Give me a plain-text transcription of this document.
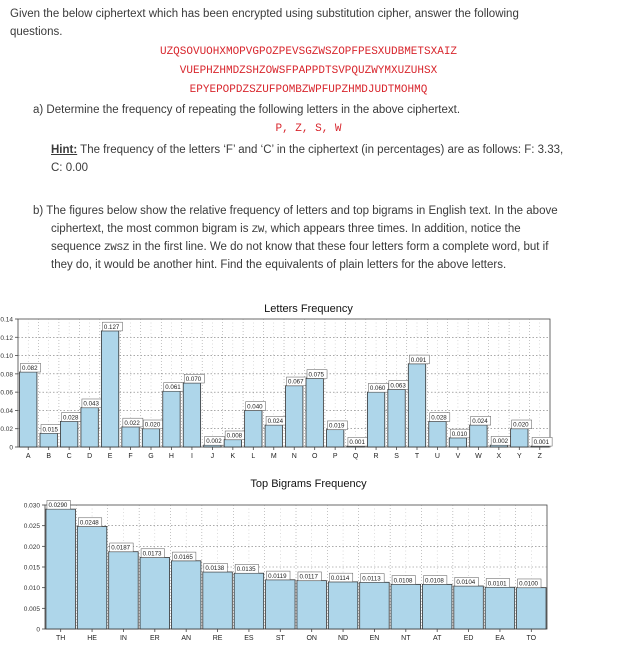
Given the below ciphertext which has been encrypted using substitution cipher, answer the following

questions.

UZQSOVUOHXMOPVGPOZPEVSGZWSZOPFPESXUDBMETSXAIZ
VUEPHZHMDZSHZOWSFPAPPDTSVPQUZWYMXUZUHSX
EPYEPOPDZSZUFPOMBZWPFUPZHMDJUDTMOHMQ

a) Determine the frequency of repeating the following letters in the above ciphertext.

P, Z, S, W

Hint: The frequency of the letters ‘F’ and ‘C’ in the ciphertext (in percentages) are as follows: F: 3.33,

C: 0.00

b) The figures below show the relative frequency of letters and top bigrams in English text. In the above

ciphertext, the most common bigram is ZW, which appears three times. In addition, notice the

sequence ZWSZ in the first line. We do not know that these four letters form a complete word, but if

they do, it would be another hint. Find the equivalents of plain letters for the above letters.

Letters Frequency
0
0.02
0.04
0.06
0.08
0.10
0.12
0.14
0.082
A
0.015
B
0.028
C
0.043
D
0.127
E
0.022
F
0.020
G
0.061
H
0.070
I
0.002
J
0.008
K
0.040
L
0.024
M
0.067
N
0.075
O
0.019
P
0.001
Q
0.060
R
0.063
S
0.091
T
0.028
U
0.010
V
0.024
W
0.002
X
0.020
Y
0.001
Z
Top Bigrams Frequency
0
0.005
0.010
0.015
0.020
0.025
0.030 0.0290
TH
0.0248
HE
0.0187
IN
0.0173
ER
0.0165
AN
0.0138
RE
0.0135
ES
0.0119
ST
0.0117
ON
0.0114
ND
0.0113
EN
0.0108
NT
0.0108
AT
0.0104
ED
0.0101
EA
0.0100
TO
